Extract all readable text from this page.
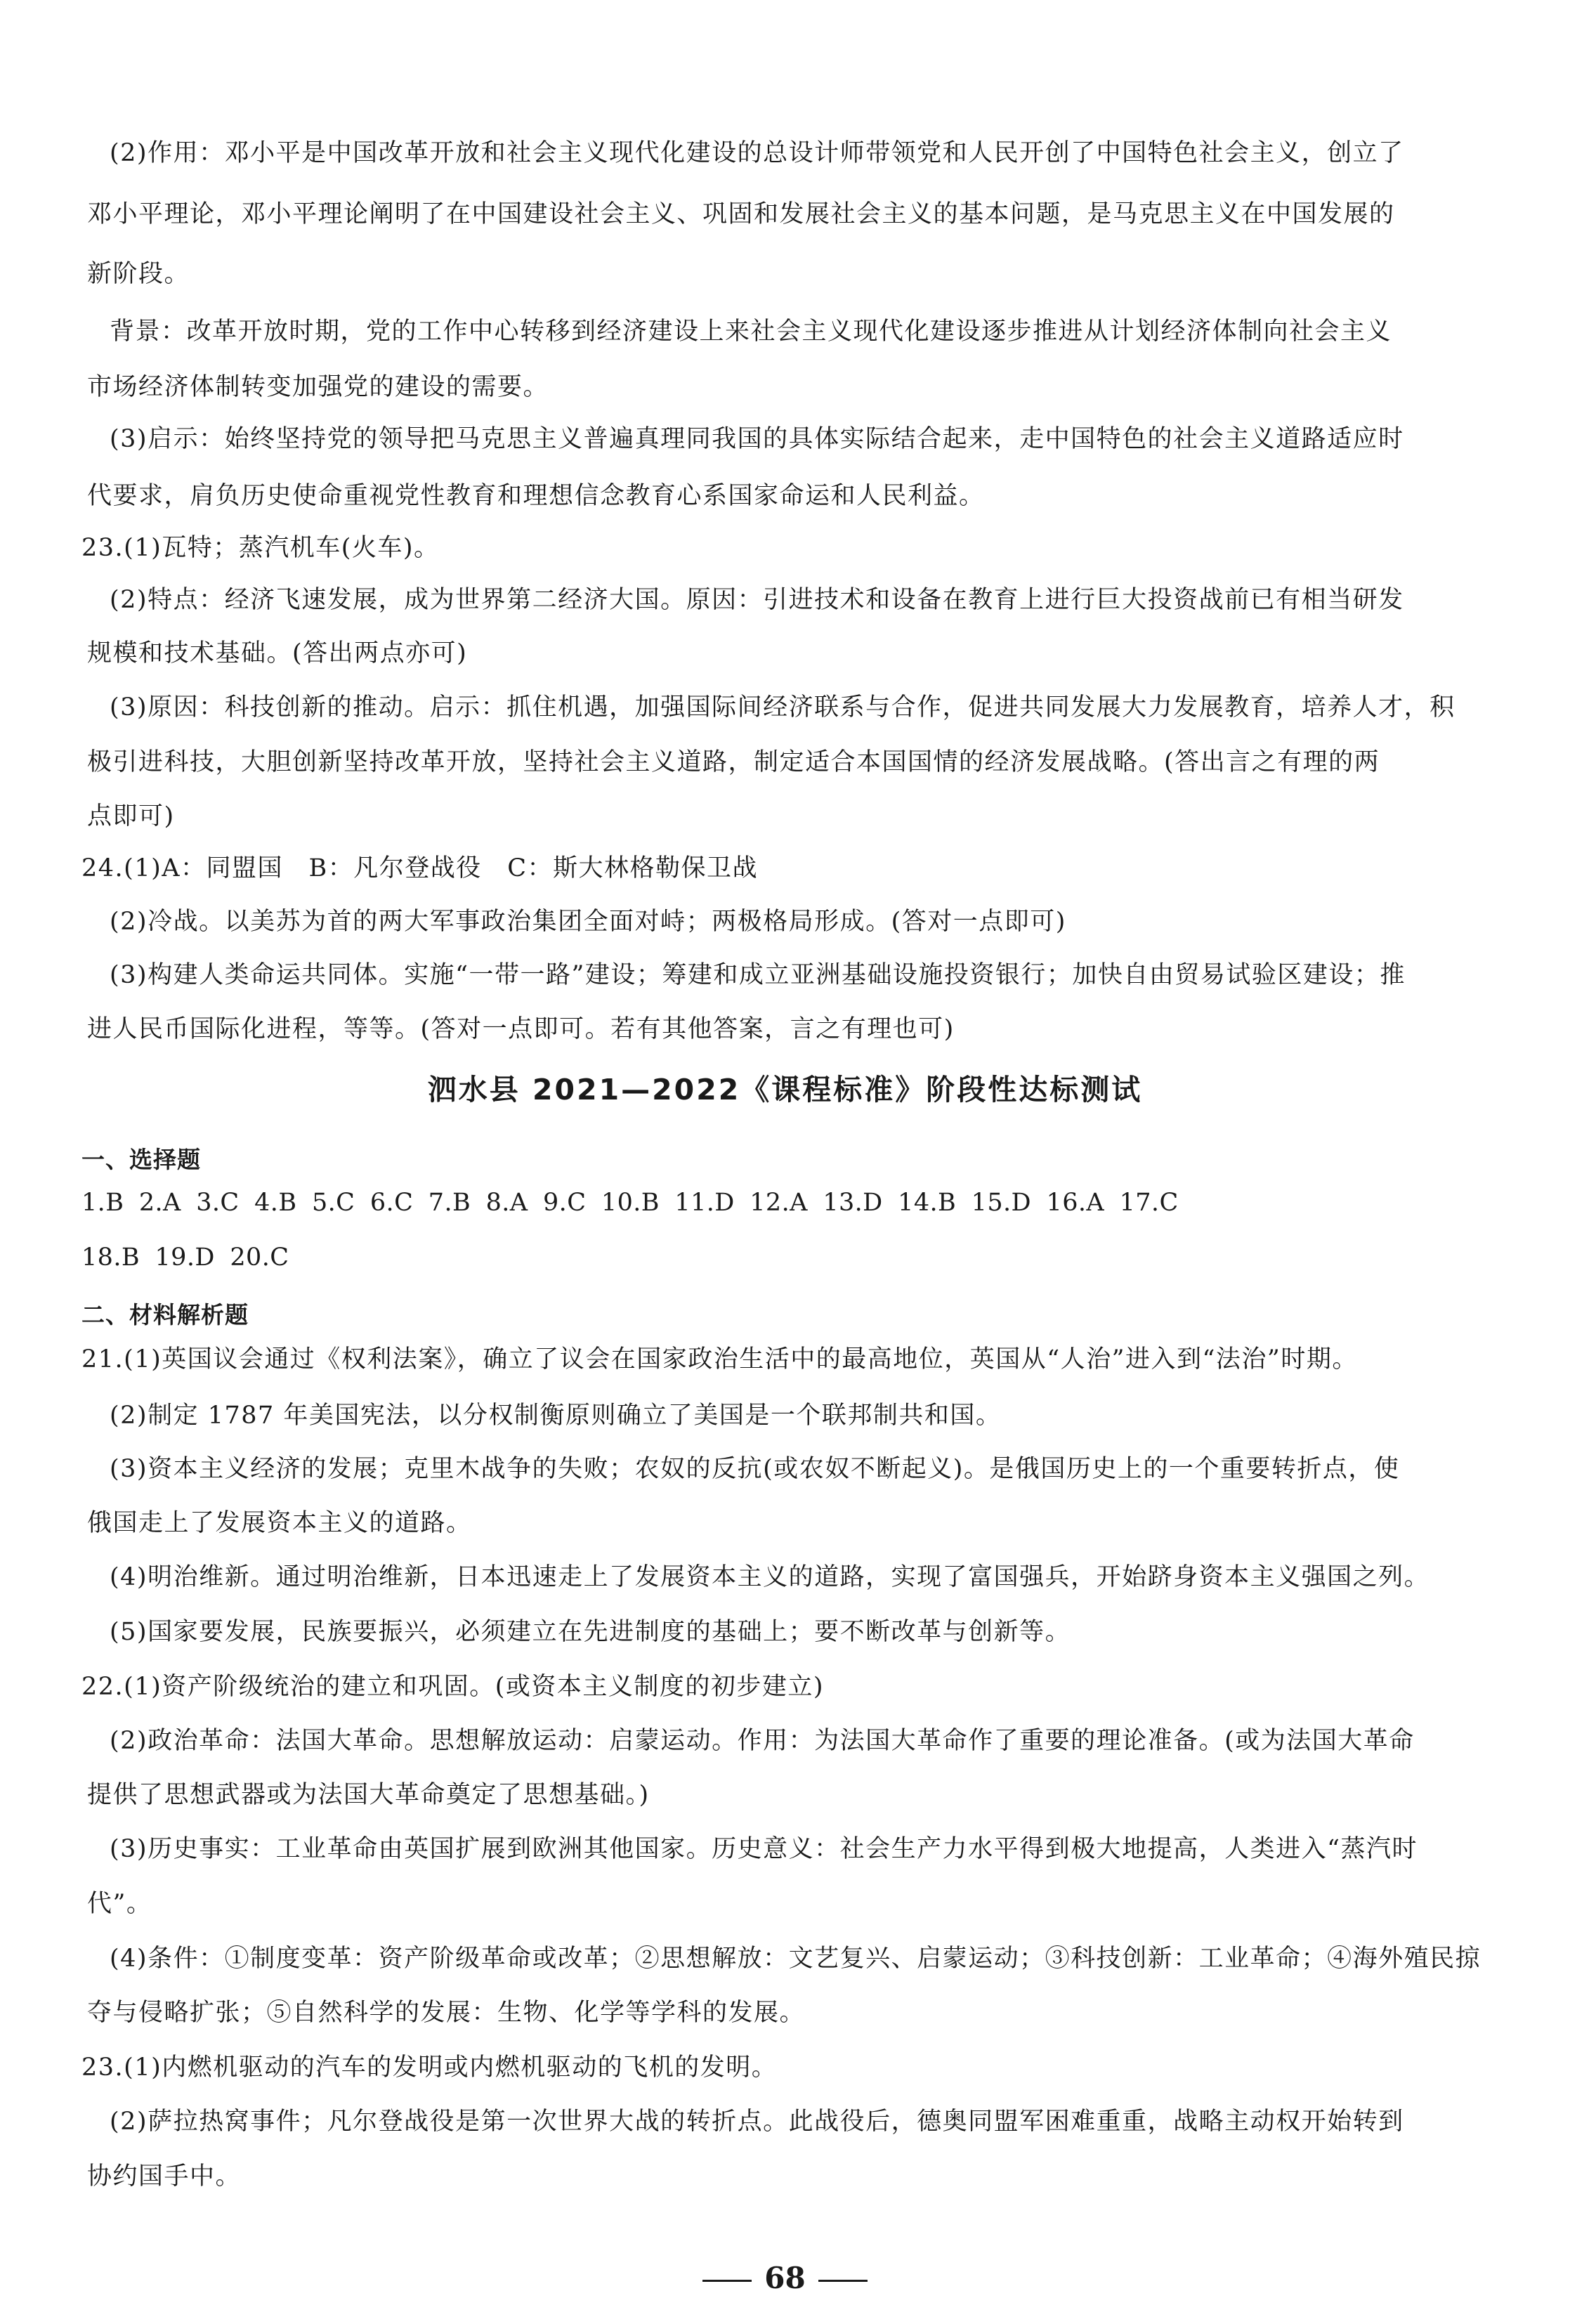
(2)作用：邓小平是中国改革开放和社会主义现代化建设的总设计师带领党和人民开创了中国特色社会主义，创立了
邓小平理论，邓小平理论阐明了在中国建设社会主义、巩固和发展社会主义的基本问题，是马克思主义在中国发展的
新阶段。
背景：改革开放时期，党的工作中心转移到经济建设上来社会主义现代化建设逐步推进从计划经济体制向社会主义
市场经济体制转变加强党的建设的需要。
(3)启示：始终坚持党的领导把马克思主义普遍真理同我国的具体实际结合起来，走中国特色的社会主义道路适应时
代要求，肩负历史使命重视党性教育和理想信念教育心系国家命运和人民利益。
23.(1)瓦特；蒸汽机车(火车)。
(2)特点：经济飞速发展，成为世界第二经济大国。原因：引进技术和设备在教育上进行巨大投资战前已有相当研发
规模和技术基础。(答出两点亦可)
(3)原因：科技创新的推动。启示：抓住机遇，加强国际间经济联系与合作，促进共同发展大力发展教育，培养人才，积
极引进科技，大胆创新坚持改革开放，坚持社会主义道路，制定适合本国国情的经济发展战略。(答出言之有理的两
点即可)
24.(1)A：同盟国　B：凡尔登战役　C：斯大林格勒保卫战
(2)冷战。以美苏为首的两大军事政治集团全面对峙；两极格局形成。(答对一点即可)
(3)构建人类命运共同体。实施“一带一路”建设；筹建和成立亚洲基础设施投资银行；加快自由贸易试验区建设；推
进人民币国际化进程，等等。(答对一点即可。若有其他答案，言之有理也可)
泗水县 2021—2022《课程标准》阶段性达标测试
一、选择题
1.B 2.A 3.C 4.B 5.C 6.C 7.B 8.A 9.C 10.B 11.D 12.A 13.D 14.B 15.D 16.A 17.C
18.B 19.D 20.C
二、材料解析题
21.(1)英国议会通过《权利法案》，确立了议会在国家政治生活中的最高地位，英国从“人治”进入到“法治”时期。
(2)制定 1787 年美国宪法，以分权制衡原则确立了美国是一个联邦制共和国。
(3)资本主义经济的发展；克里木战争的失败；农奴的反抗(或农奴不断起义)。是俄国历史上的一个重要转折点，使
俄国走上了发展资本主义的道路。
(4)明治维新。通过明治维新，日本迅速走上了发展资本主义的道路，实现了富国强兵，开始跻身资本主义强国之列。
(5)国家要发展，民族要振兴，必须建立在先进制度的基础上；要不断改革与创新等。
22.(1)资产阶级统治的建立和巩固。(或资本主义制度的初步建立)
(2)政治革命：法国大革命。思想解放运动：启蒙运动。作用：为法国大革命作了重要的理论准备。(或为法国大革命
提供了思想武器或为法国大革命奠定了思想基础。)
(3)历史事实：工业革命由英国扩展到欧洲其他国家。历史意义：社会生产力水平得到极大地提高，人类进入“蒸汽时
代”。
(4)条件：①制度变革：资产阶级革命或改革；②思想解放：文艺复兴、启蒙运动；③科技创新：工业革命；④海外殖民掠
夺与侵略扩张；⑤自然科学的发展：生物、化学等学科的发展。
23.(1)内燃机驱动的汽车的发明或内燃机驱动的飞机的发明。
(2)萨拉热窝事件；凡尔登战役是第一次世界大战的转折点。此战役后，德奥同盟军困难重重，战略主动权开始转到
协约国手中。
68
